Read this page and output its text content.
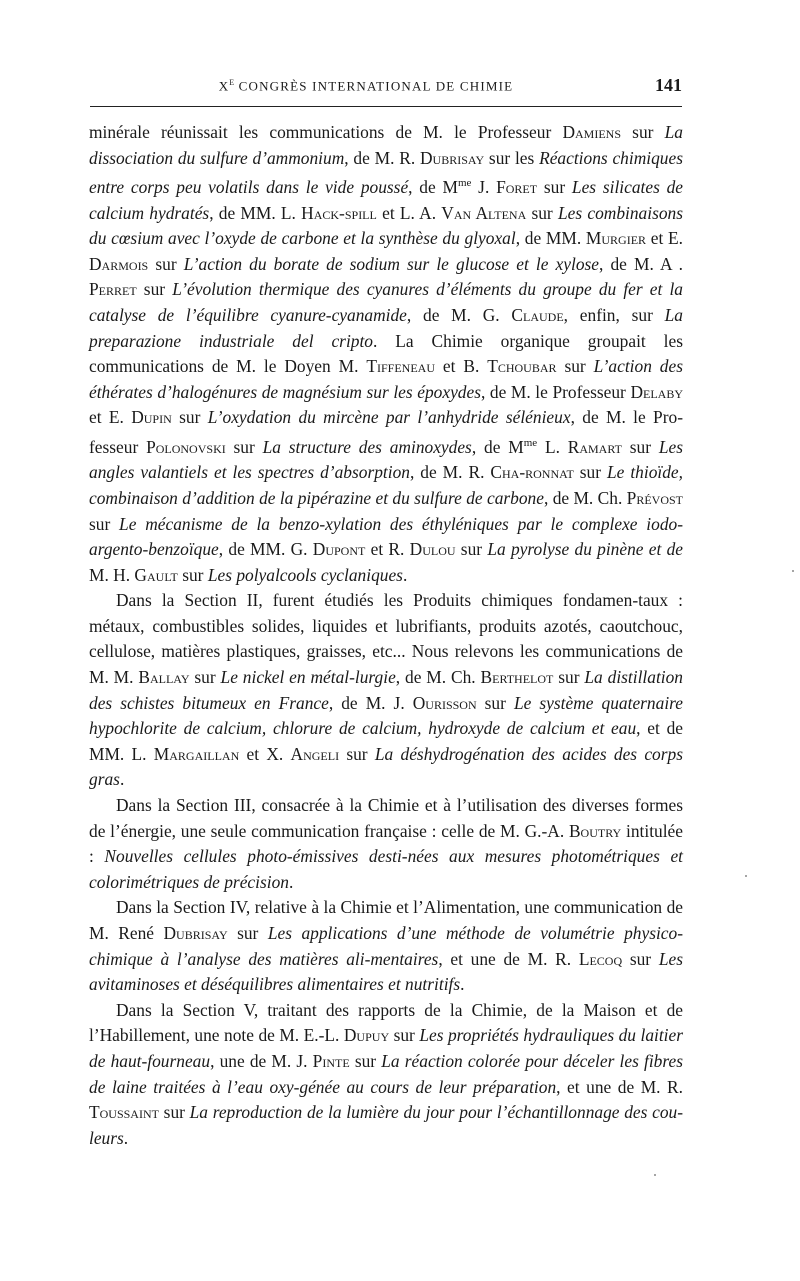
$X^E$ CONGRÈS INTERNATIONAL DE CHIMIE	141

minérale réunissait les communications de M. le Professeur Damiens sur La dissociation du sulfure d’ammonium, de M. R. Dubrisay sur les Réactions chimiques entre corps peu volatils dans le vide poussé, de $M^{me}$ J. Foret sur Les silicates de calcium hydratés, de MM. L. Hack-spill et L. A. Van Altena sur Les combinaisons du cœsium avec l’oxyde de carbone et la synthèse du glyoxal, de MM. Murgier et E. Darmois sur L’action du borate de sodium sur le glucose et le xylose, de M. A . Perret sur L’évolution thermique des cyanures d’éléments du groupe du fer et la catalyse de l’équilibre cyanure-cyanamide, de M. G. Claude, enfin, sur La preparazione industriale del cripto. La Chimie organique groupait les communications de M. le Doyen M. Tiffeneau et B. Tchoubar sur L’action des éthérates d’halogénures de magnésium sur les époxydes, de M. le Professeur Delaby et E. Dupin sur L’oxydation du mircène par l’anhydride sélénieux, de M. le Pro-fesseur Polonovski sur La structure des aminoxydes, de $M^{me}$ L. Ramart sur Les angles valantiels et les spectres d’absorption, de M. R. Cha-ronnat sur Le thioïde, combinaison d’addition de la pipérazine et du sulfure de carbone, de M. Ch. Prévost sur Le mécanisme de la benzo-xylation des éthyléniques par le complexe iodo-argento-benzoïque, de MM. G. Dupont et R. Dulou sur La pyrolyse du pinène et de M. H. Gault sur Les polyalcools cyclaniques.

Dans la Section II, furent étudiés les Produits chimiques fondamen-taux : métaux, combustibles solides, liquides et lubrifiants, produits azotés, caoutchouc, cellulose, matières plastiques, graisses, etc... Nous relevons les communications de M. M. Ballay sur Le nickel en métal-lurgie, de M. Ch. Berthelot sur La distillation des schistes bitumeux en France, de M. J. Ourisson sur Le système quaternaire hypochlorite de calcium, chlorure de calcium, hydroxyde de calcium et eau, et de MM. L. Margaillan et X. Angeli sur La déshydrogénation des acides des corps gras.

Dans la Section III, consacrée à la Chimie et à l’utilisation des diverses formes de l’énergie, une seule communication française : celle de M. G.-A. Boutry intitulée : Nouvelles cellules photo-émissives desti-nées aux mesures photométriques et colorimétriques de précision.

Dans la Section IV, relative à la Chimie et l’Alimentation, une communication de M. René Dubrisay sur Les applications d’une méthode de volumétrie physico-chimique à l’analyse des matières ali-mentaires, et une de M. R. Lecoq sur Les avitaminoses et déséquilibres alimentaires et nutritifs.

Dans la Section V, traitant des rapports de la Chimie, de la Maison et de l’Habillement, une note de M. E.-L. Dupuy sur Les propriétés hydrauliques du laitier de haut-fourneau, une de M. J. Pinte sur La réaction colorée pour déceler les fibres de laine traitées à l’eau oxy-génée au cours de leur préparation, et une de M. R. Toussaint sur La reproduction de la lumière du jour pour l’échantillonnage des cou-leurs.
